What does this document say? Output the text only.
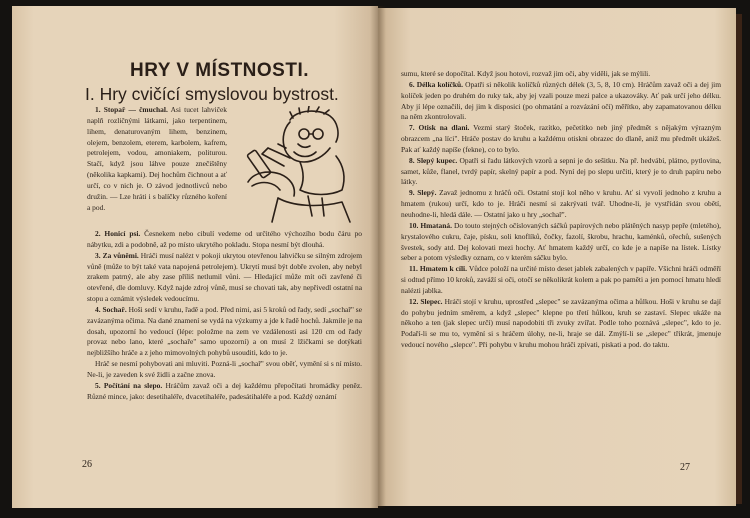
HRY V MÍSTNOSTI.
I. Hry cvičící smyslovou bystrost.

1. Stopař — čmuchal. Asi tucet lahviček naplň rozličnými látkami, jako terpentinem, lihem, denaturovaným lihem, benzinem, olejem, benzolem, eterem, karbolem, kafrem, petrolejem, vodou, amoniakem, politurou. Stačí, když jsou láhve pouze znečištěny (několika kapkami). Dej hochům čichnout a ať určí, co v nich je. O závod jednotlivců nebo družin. — Lze hráti i s balíčky různého koření a pod.

2. Honicí psi. Česnekem nebo cibulí vedeme od určitého výchozího bodu čáru po nábytku, zdi a podobně, až po místo ukrytého pokladu. Stopa nesmí být dlouhá.

3. Za vůněmi. Hráči musí nalézt v pokoji ukrytou otevřenou lahvičku se silným zdrojem vůně (může to být také vata napojená petrolejem). Ukrytí musí být dobře zvolen, aby nebyl zrakem patrný, ale aby zase příliš netlumil vůni. — Hledající může mít oči zavřené či otevřené, dle domluvy. Když najde zdroj vůně, musí se chovati tak, aby nepřivedl ostatní na stopu a oznámit výsledek vedoucímu.

4. Sochař. Hoši sedí v kruhu, řadě a pod. Před nimi, asi 5 kroků od řady, sedí „sochař" se zavázanýma očima. Na dané znamení se vydá na výzkumy a jde k řadě hochů. Jakmile je na dosah, upozorní ho vedoucí (lépe: položme na zem ve vzdálenosti asi 120 cm od řady provaz nebo lano, které „sochaře" samo upozorní) a on musí 2 lžičkami se dotýkati nejbližšího hráče a z jeho mimovolných pohybů usouditi, kdo to je.

Hráč se nesmí pohybovati ani mluviti. Pozná-li „sochař" svou oběť, vymění si s ní místo. Ne-li, je zaveden k své židli a začne znova.

5. Počítání na slepo. Hráčům zavaž oči a dej každému přepočítati hromádky peněz. Různé mince, jako: desetihaléře, dvacetihaléře, padesátihaléře a pod. Každý oznámí

26

sumu, které se dopočítal. Když jsou hotovi, rozvaž jim oči, aby viděli, jak se mýlili.

6. Délka kolíčků. Opatři si několik kolíčků různých délek (3, 5, 8, 10 cm). Hráčům zavaž oči a dej jim kolíček jeden po druhém do ruky tak, aby jej vzali pouze mezi palce a ukazováky. Ať pak určí jeho délku. Aby jí lépe označili, dej jim k disposici (po ohmatání a rozvázání očí) měřítko, aby zapamatovanou délku na něm zkontrolovali.

7. Otisk na dlani. Vezmi starý štoček, razítko, pečetítko neb jiný předmět s nějakým výrazným obrazcem „na líci". Hráče postav do kruhu a každému otiskni obrazec do dlaně, aniž mu předmět ukážeš. Pak ať každý napíše (fekne), co to bylo.

8. Slepý kupec. Opatři si řadu látkových vzorů a sepni je do sešitku. Na př. hedvábí, plátno, pytlovina, samet, kůže, flanel, tvrdý papír, skelný papír a pod. Nyní dej po slepu určiti, který je to druh papíru nebo látky.

9. Slepý. Zavaž jednomu z hráčů oči. Ostatní stojí kol něho v kruhu. Ať si vyvolí jednoho z kruhu a hmatem (rukou) určí, kdo to je. Hráči nesmí si zakrývati tvář. Uhodne-li, je vystřídán svou obětí, neuhodne-li, hledá dále. — Ostatní jako u hry „sochař".

10. Hmataná. Do touto stejných očíslovaných sáčků papírových nebo plátěných nasyp pepře (mletého), krystalového cukru, čaje, písku, soli knoflíků, čočky, fazolí, škrobu, hrachu, kaménků, ořechů, sušených švestek, sody atd. Dej kolovati mezi hochy. Ať hmatem každý určí, co kde je a napíše na lístek. Lístky seber a potom výsledky oznam, co v kterém sáčku bylo.

11. Hmatem k cíli. Vůdce položí na určité místo deset jablek zabalených v papíře. Všichni hráči odměří si odtud přímo 10 kroků, zaváží si oči, otočí se několikrát kolem a pak po paměti a jen pomocí hmatu hledí nalézti jablka.

12. Slepec. Hráči stojí v kruhu, uprostřed „slepec" se zavázanýma očima a hůlkou. Hoši v kruhu se dají do pohybu jedním směrem, a když „slepec" klepne po třetí hůlkou, kruh se zastaví. Slepec ukáže na někoho a ten (jak slepec určí) musí napodobiti tři zvuky zvířat. Podle toho poznává „slepec", kdo to je. Podaří-li se mu to, vymění si s hráčem úlohy, ne-li, hraje se dál. Zmýlí-li se „slepec" třikrát, jmenuje vedoucí nového „slepce". Při pohybu v kruhu mohou hráči zpívati, piskati a pod. do taktu.

27
